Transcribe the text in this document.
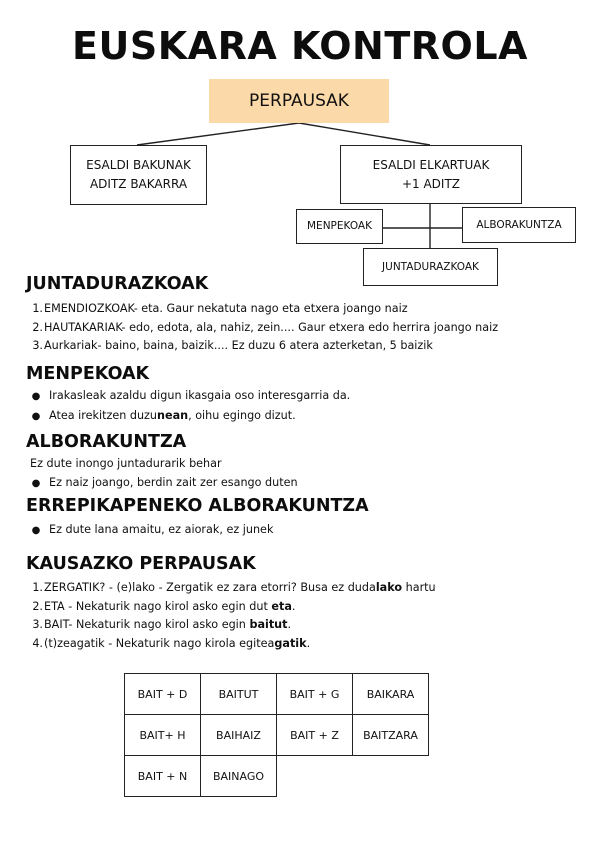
EUSKARA KONTROLA
PERPAUSAK
ESALDI BAKUNAK
ADITZ BAKARRA
ESALDI ELKARTUAK
+1 ADITZ
MENPEKOAK	ALBORAKUNTZA
JUNTADURAZKOAK
JUNTADURAZKOAK
1.EMENDIOZKOAK- eta. Gaur nekatuta nago eta etxera joango naiz
2.HAUTAKARIAK- edo, edota, ala, nahiz, zein.... Gaur etxera edo herrira joango naiz
3.Aurkariak- baino, baina, baizik.... Ez duzu 6 atera azterketan, 5 baizik
MENPEKOAK
● Irakasleak azaldu digun ikasgaia oso interesgarria da.
● Atea irekitzen duzunean, oihu egingo dizut.
ALBORAKUNTZA
Ez dute inongo juntadurarik behar
● Ez naiz joango, berdin zait zer esango duten
ERREPIKAPENEKO ALBORAKUNTZA
● Ez dute lana amaitu, ez aiorak, ez junek
KAUSAZKO PERPAUSAK
1.ZERGATIK? - (e)lako - Zergatik ez zara etorri? Busa ez dudalako hartu
2.ETA - Nekaturik nago kirol asko egin dut eta.
3.BAIT- Nekaturik nago kirol asko egin baitut.
4.(t)zeagatik - Nekaturik nago kirola egiteagatik.
BAIT + D	BAITUT	BAIT + G	BAIKARA
BAIT+ H	BAIHAIZ	BAIT + Z	BAITZARA
BAIT + N	BAINAGO		
